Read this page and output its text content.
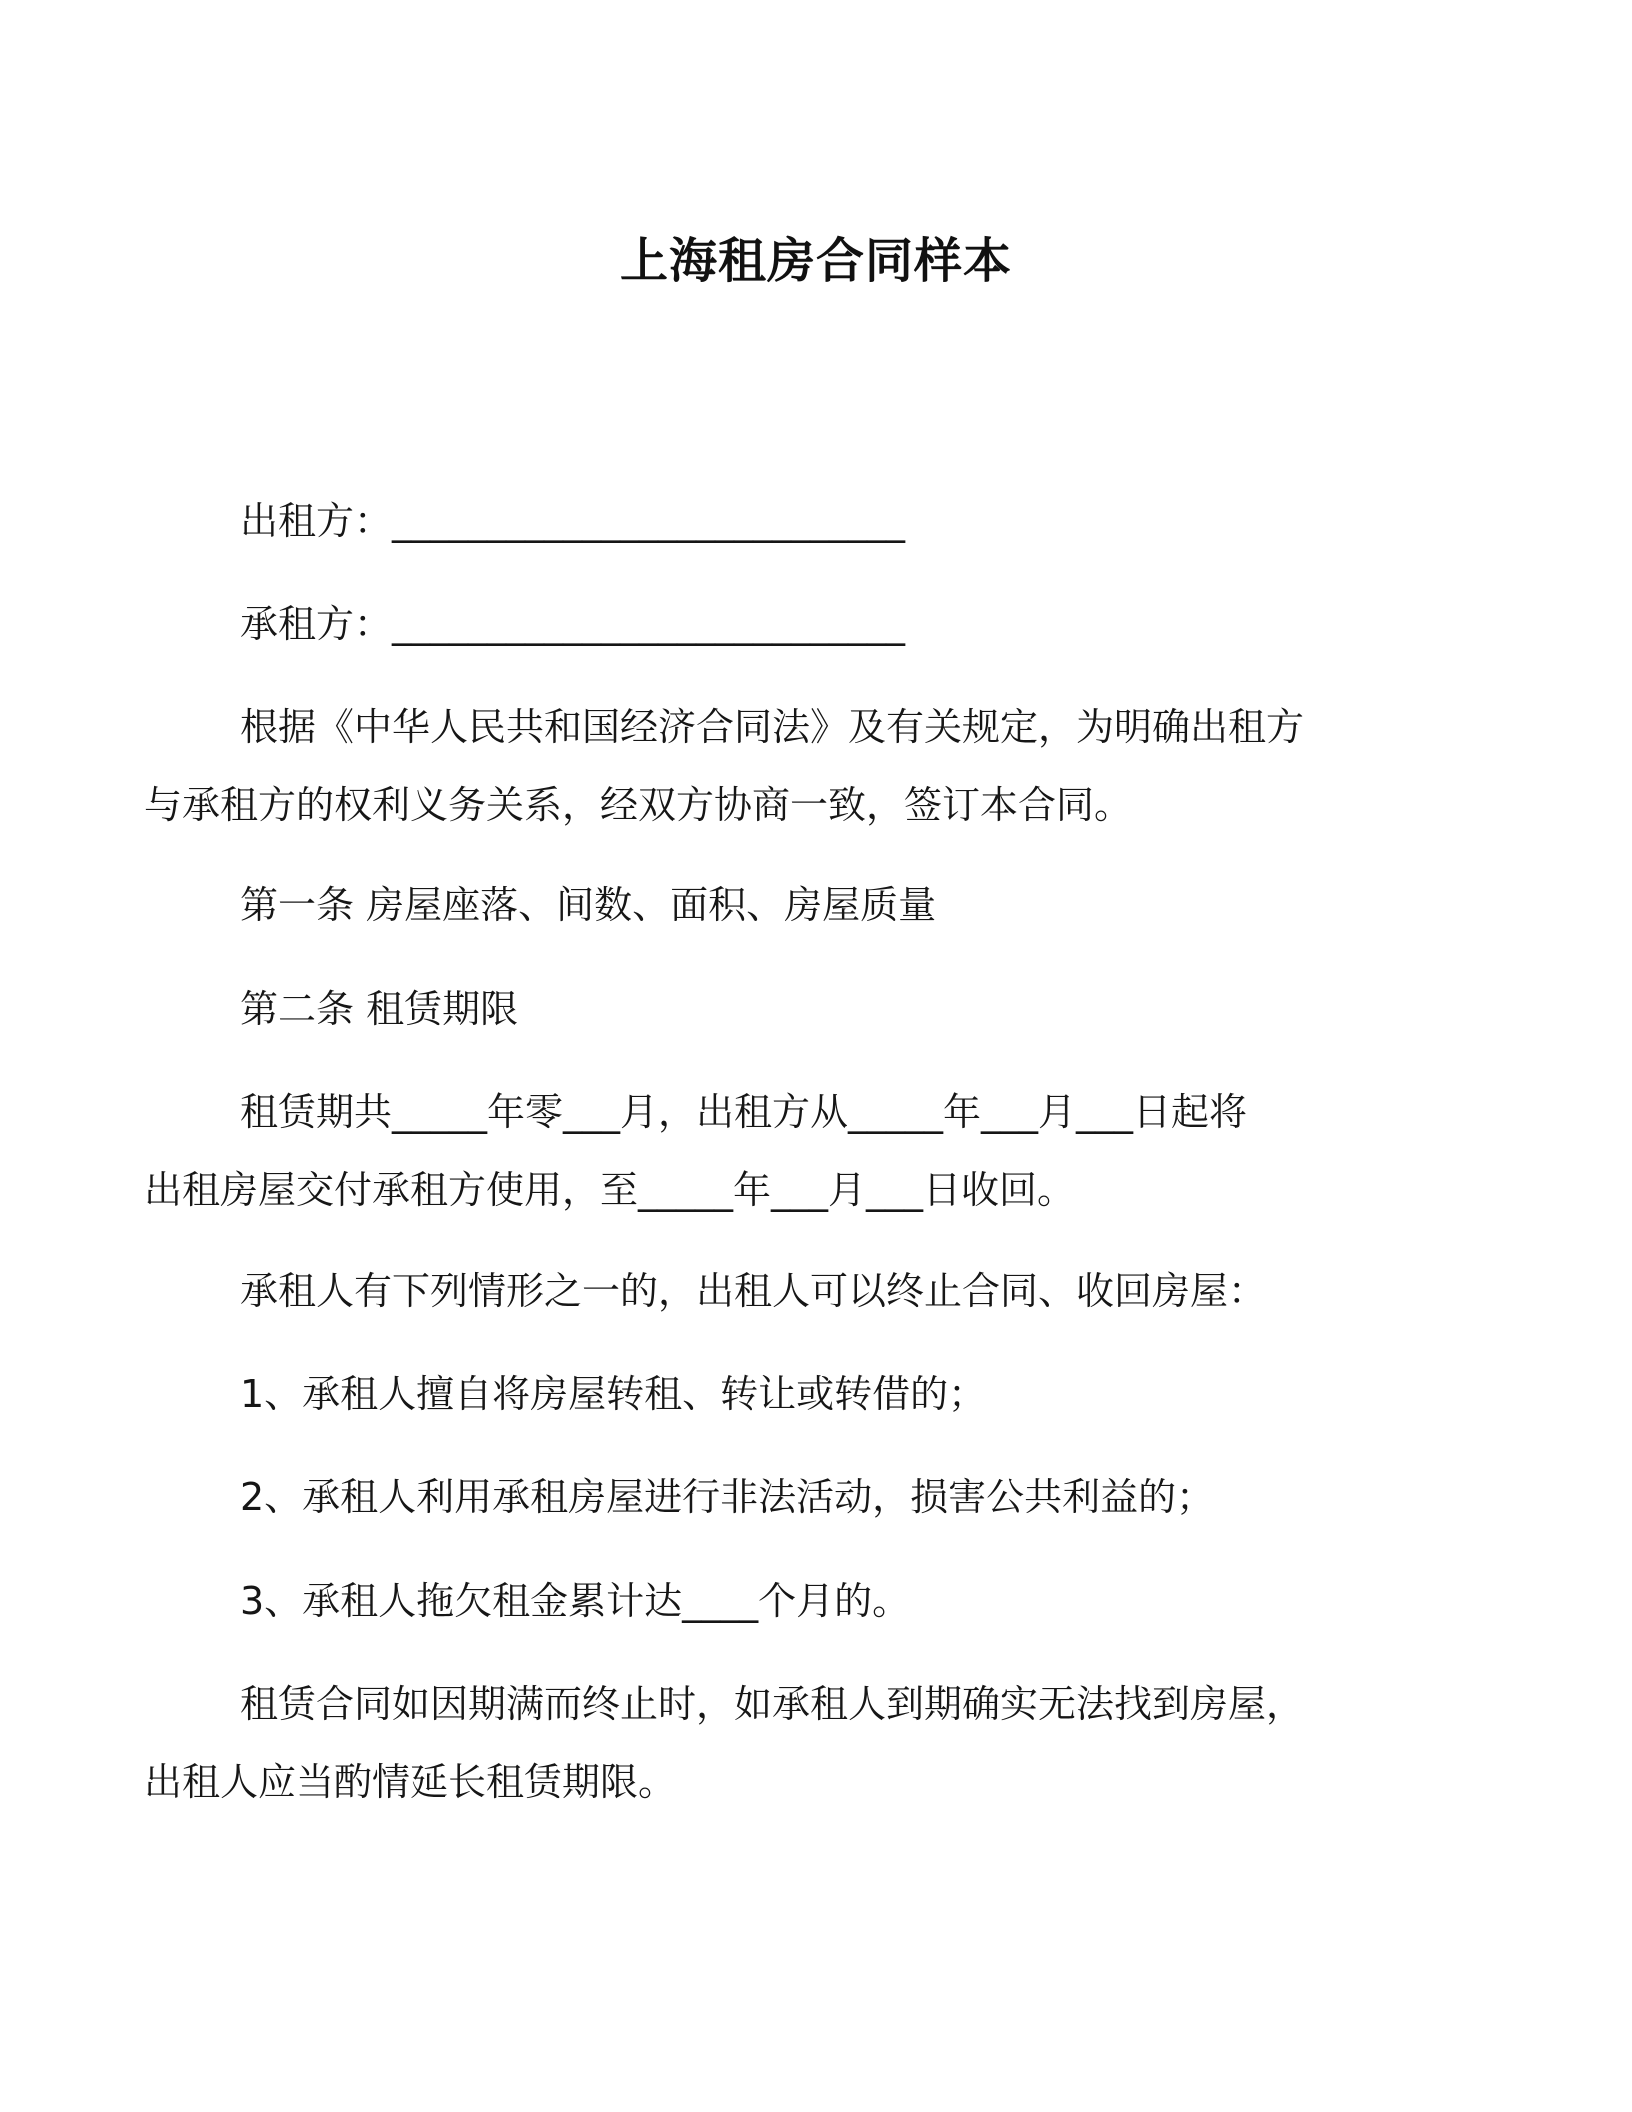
上海租房合同样本
出租方：___________________________
承租方：___________________________
根据《中华人民共和国经济合同法》及有关规定，为明确出租方
与承租方的权利义务关系，经双方协商一致，签订本合同。
第一条 房屋座落、间数、面积、房屋质量
第二条 租赁期限
租赁期共_____年零___月，出租方从_____年___月___日起将
出租房屋交付承租方使用，至_____年___月___日收回。
承租人有下列情形之一的，出租人可以终止合同、收回房屋：
1、承租人擅自将房屋转租、转让或转借的；
2、承租人利用承租房屋进行非法活动，损害公共利益的；
3、承租人拖欠租金累计达____个月的。
租赁合同如因期满而终止时，如承租人到期确实无法找到房屋，
出租人应当酌情延长租赁期限。
